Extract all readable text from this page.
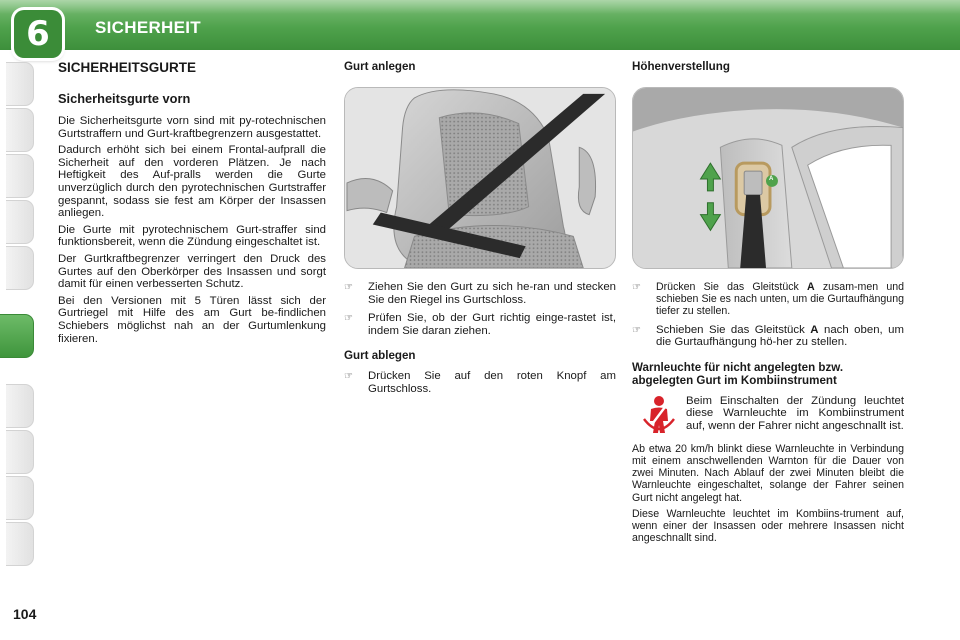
SICHERHEIT
6
SICHERHEITSGURTE
Sicherheitsgurte vorn

Die Sicherheitsgurte vorn sind mit py-rotechnischen Gurtstraffern und Gurt-kraftbegrenzern ausgestattet.

Dadurch erhöht sich bei einem Frontal-aufprall die Sicherheit auf den vorderen Plätzen. Je nach Heftigkeit des Auf-pralls werden die Gurte unverzüglich durch den pyrotechnischen Gurtstraffer gespannt, sodass sie fest am Körper der Insassen anliegen.

Die Gurte mit pyrotechnischem Gurt-straffer sind funktionsbereit, wenn die Zündung eingeschaltet ist.

Der Gurtkraftbegrenzer verringert den Druck des Gurtes auf den Oberkörper des Insassen und sorgt damit für einen verbesserten Schutz.

Bei den Versionen mit 5 Türen lässt sich der Gurtriegel mit Hilfe des am Gurt be-findlichen Schiebers möglichst nah an der Gurtumlenkung fixieren.

Gurt anlegen
☞	Ziehen Sie den Gurt zu sich he-ran und stecken Sie den Riegel ins Gurtschloss.
☞	Prüfen Sie, ob der Gurt richtig einge-rastet ist, indem Sie daran ziehen.
Gurt ablegen
☞	Drücken Sie auf den roten Knopf am Gurtschloss.
Höhenverstellung
A
☞	Drücken Sie das Gleitstück A zusam-men und schieben Sie es nach unten, um die Gurtaufhängung tiefer zu stellen.
☞	Schieben Sie das Gleitstück A nach oben, um die Gurtaufhängung hö-her zu stellen.
Warnleuchte für nicht angelegten bzw. abgelegten Gurt im Kombiinstrument
Beim Einschalten der Zündung leuchtet diese Warnleuchte im Kombiinstrument auf, wenn der Fahrer nicht angeschnallt ist.

Ab etwa 20 km/h blinkt diese Warnleuchte in Verbindung mit einem anschwellenden Warnton für die Dauer von zwei Minuten. Nach Ablauf der zwei Minuten bleibt die Warnleuchte eingeschaltet, solange der Fahrer seinen Gurt nicht angelegt hat.

Diese Warnleuchte leuchtet im Kombiins-trument auf, wenn einer der Insassen oder mehrere Insassen nicht angeschnallt sind.

104
